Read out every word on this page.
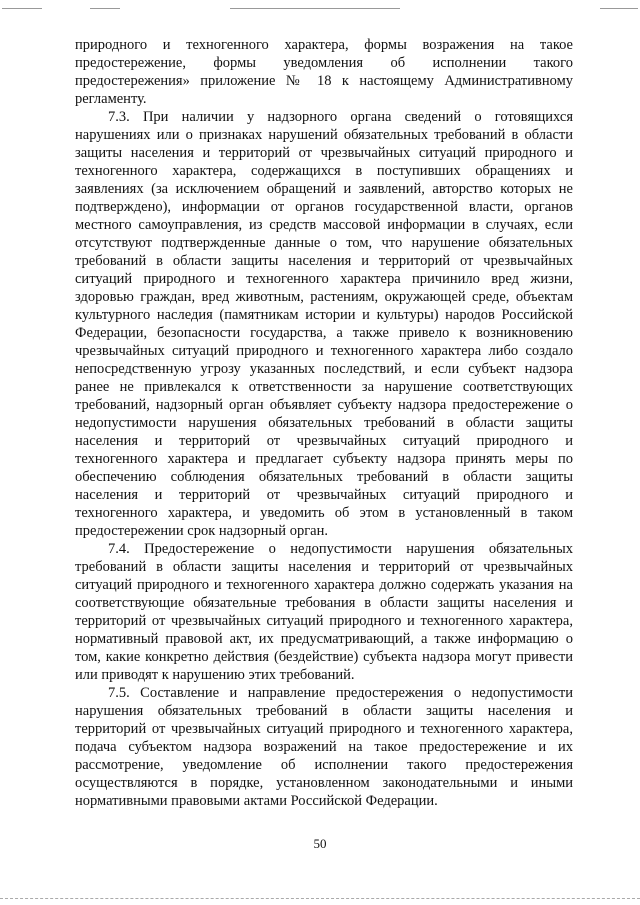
природного и техногенного характера, формы возражения на такое
предостережение, формы уведомления об исполнении такого
предостережения» приложение № 18 к настоящему Административному
регламенту.
7.3. При наличии у надзорного органа сведений о готовящихся
нарушениях или о признаках нарушений обязательных требований в области
защиты населения и территорий от чрезвычайных ситуаций природного и
техногенного характера, содержащихся в поступивших обращениях и
заявлениях (за исключением обращений и заявлений, авторство которых не
подтверждено), информации от органов государственной власти, органов
местного самоуправления, из средств массовой информации в случаях, если
отсутствуют подтвержденные данные о том, что нарушение обязательных
требований в области защиты населения и территорий от чрезвычайных
ситуаций природного и техногенного характера причинило вред жизни,
здоровью граждан, вред животным, растениям, окружающей среде, объектам
культурного наследия (памятникам истории и культуры) народов Российской
Федерации, безопасности государства, а также привело к возникновению
чрезвычайных ситуаций природного и техногенного характера либо создало
непосредственную угрозу указанных последствий, и если субъект надзора
ранее не привлекался к ответственности за нарушение соответствующих
требований, надзорный орган объявляет субъекту надзора предостережение о
недопустимости нарушения обязательных требований в области защиты
населения и территорий от чрезвычайных ситуаций природного и
техногенного характера и предлагает субъекту надзора принять меры по
обеспечению соблюдения обязательных требований в области защиты
населения и территорий от чрезвычайных ситуаций природного и
техногенного характера, и уведомить об этом в установленный в таком
предостережении срок надзорный орган.
7.4. Предостережение о недопустимости нарушения обязательных
требований в области защиты населения и территорий от чрезвычайных
ситуаций природного и техногенного характера должно содержать указания на
соответствующие обязательные требования в области защиты населения и
территорий от чрезвычайных ситуаций природного и техногенного характера,
нормативный правовой акт, их предусматривающий, а также информацию о
том, какие конкретно действия (бездействие) субъекта надзора могут привести
или приводят к нарушению этих требований.
7.5. Составление и направление предостережения о недопустимости
нарушения обязательных требований в области защиты населения и
территорий от чрезвычайных ситуаций природного и техногенного характера,
подача субъектом надзора возражений на такое предостережение и их
рассмотрение, уведомление об исполнении такого предостережения
осуществляются в порядке, установленном законодательными и иными
нормативными правовыми актами Российской Федерации.
50
